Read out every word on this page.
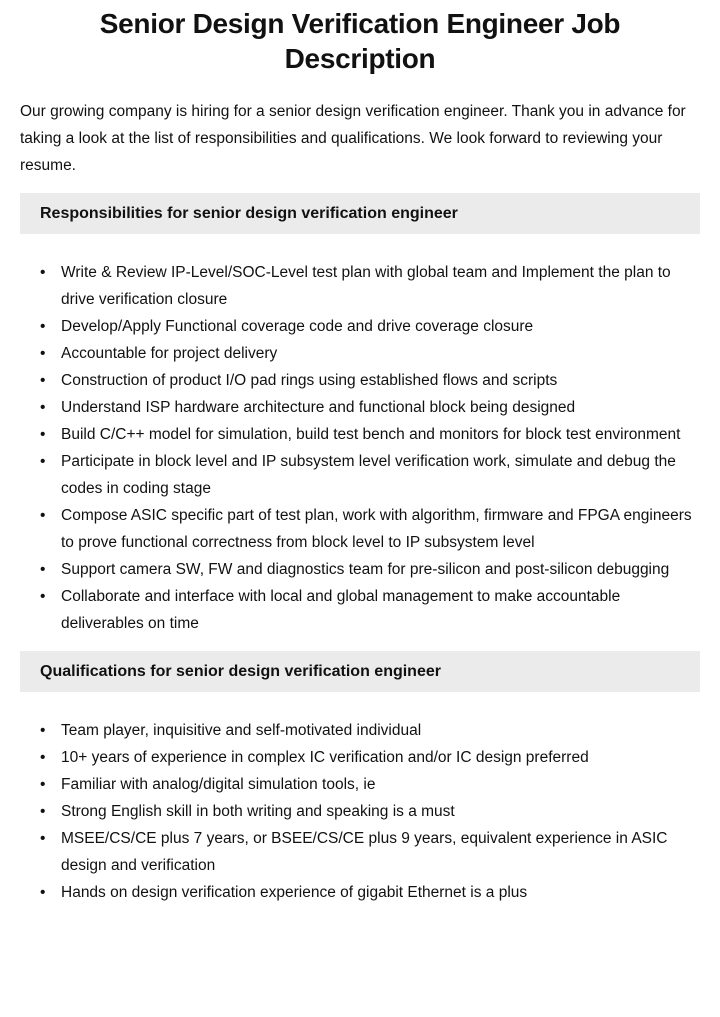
Senior Design Verification Engineer Job Description

Our growing company is hiring for a senior design verification engineer. Thank you in advance for taking a look at the list of responsibilities and qualifications. We look forward to reviewing your resume.

Responsibilities for senior design verification engineer
• Write & Review IP-Level/SOC-Level test plan with global team and Implement the plan to drive verification closure
• Develop/Apply Functional coverage code and drive coverage closure
• Accountable for project delivery
• Construction of product I/O pad rings using established flows and scripts
• Understand ISP hardware architecture and functional block being designed
• Build C/C++ model for simulation, build test bench and monitors for block test environment
• Participate in block level and IP subsystem level verification work, simulate and debug the codes in coding stage
• Compose ASIC specific part of test plan, work with algorithm, firmware and FPGA engineers to prove functional correctness from block level to IP subsystem level
• Support camera SW, FW and diagnostics team for pre-silicon and post-silicon debugging
• Collaborate and interface with local and global management to make accountable deliverables on time
Qualifications for senior design verification engineer
• Team player, inquisitive and self-motivated individual
• 10+ years of experience in complex IC verification and/or IC design preferred
• Familiar with analog/digital simulation tools, ie
• Strong English skill in both writing and speaking is a must
• MSEE/CS/CE plus 7 years, or BSEE/CS/CE plus 9 years, equivalent experience in ASIC design and verification
• Hands on design verification experience of gigabit Ethernet is a plus
